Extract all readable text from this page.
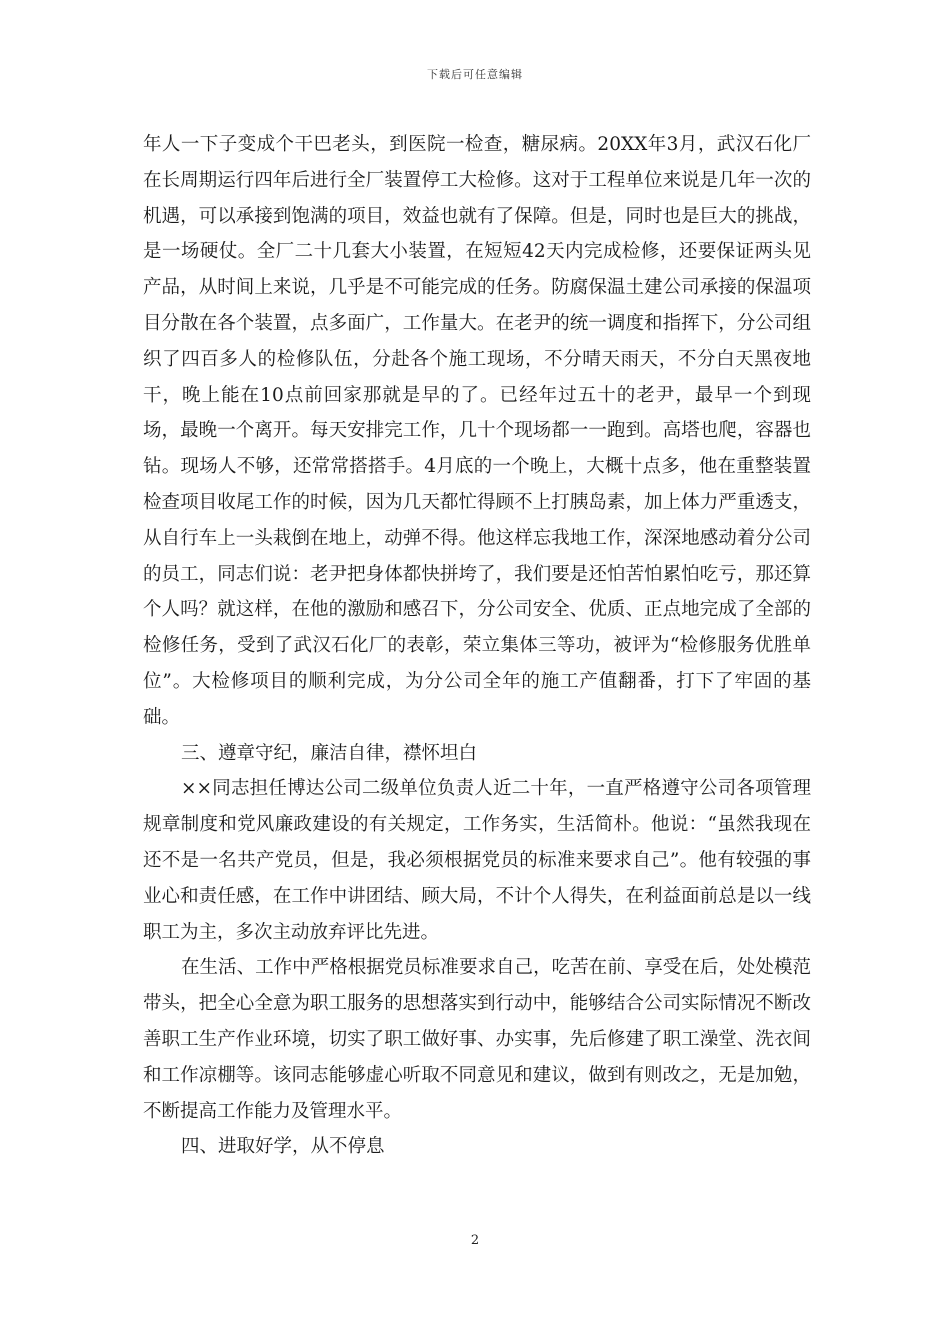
下载后可任意编辑

年人一下子变成个干巴老头，到医院一检查，糖尿病。20XX年3月，武汉石化厂在长周期运行四年后进行全厂装置停工大检修。这对于工程单位来说是几年一次的机遇，可以承接到饱满的项目，效益也就有了保障。但是，同时也是巨大的挑战，是一场硬仗。全厂二十几套大小装置，在短短42天内完成检修，还要保证两头见产品，从时间上来说，几乎是不可能完成的任务。防腐保温土建公司承接的保温项目分散在各个装置，点多面广，工作量大。在老尹的统一调度和指挥下，分公司组织了四百多人的检修队伍，分赴各个施工现场，不分晴天雨天，不分白天黑夜地干，晚上能在10点前回家那就是早的了。已经年过五十的老尹，最早一个到现场，最晚一个离开。每天安排完工作，几十个现场都一一跑到。高塔也爬，容器也钻。现场人不够，还常常搭搭手。4月底的一个晚上，大概十点多，他在重整装置检查项目收尾工作的时候，因为几天都忙得顾不上打胰岛素，加上体力严重透支，从自行车上一头栽倒在地上，动弹不得。他这样忘我地工作，深深地感动着分公司的员工，同志们说：老尹把身体都快拼垮了，我们要是还怕苦怕累怕吃亏，那还算个人吗？就这样，在他的激励和感召下，分公司安全、优质、正点地完成了全部的检修任务，受到了武汉石化厂的表彰，荣立集体三等功，被评为“检修服务优胜单位”。大检修项目的顺利完成，为分公司全年的施工产值翻番，打下了牢固的基础。

三、遵章守纪，廉洁自律，襟怀坦白

××同志担任博达公司二级单位负责人近二十年，一直严格遵守公司各项管理规章制度和党风廉政建设的有关规定，工作务实，生活简朴。他说：“虽然我现在还不是一名共产党员，但是，我必须根据党员的标准来要求自己”。他有较强的事业心和责任感，在工作中讲团结、顾大局，不计个人得失，在利益面前总是以一线职工为主，多次主动放弃评比先进。

在生活、工作中严格根据党员标准要求自己，吃苦在前、享受在后，处处模范带头，把全心全意为职工服务的思想落实到行动中，能够结合公司实际情况不断改善职工生产作业环境，切实了职工做好事、办实事，先后修建了职工澡堂、洗衣间和工作凉棚等。该同志能够虚心听取不同意见和建议，做到有则改之，无是加勉，不断提高工作能力及管理水平。

四、进取好学，从不停息

2
